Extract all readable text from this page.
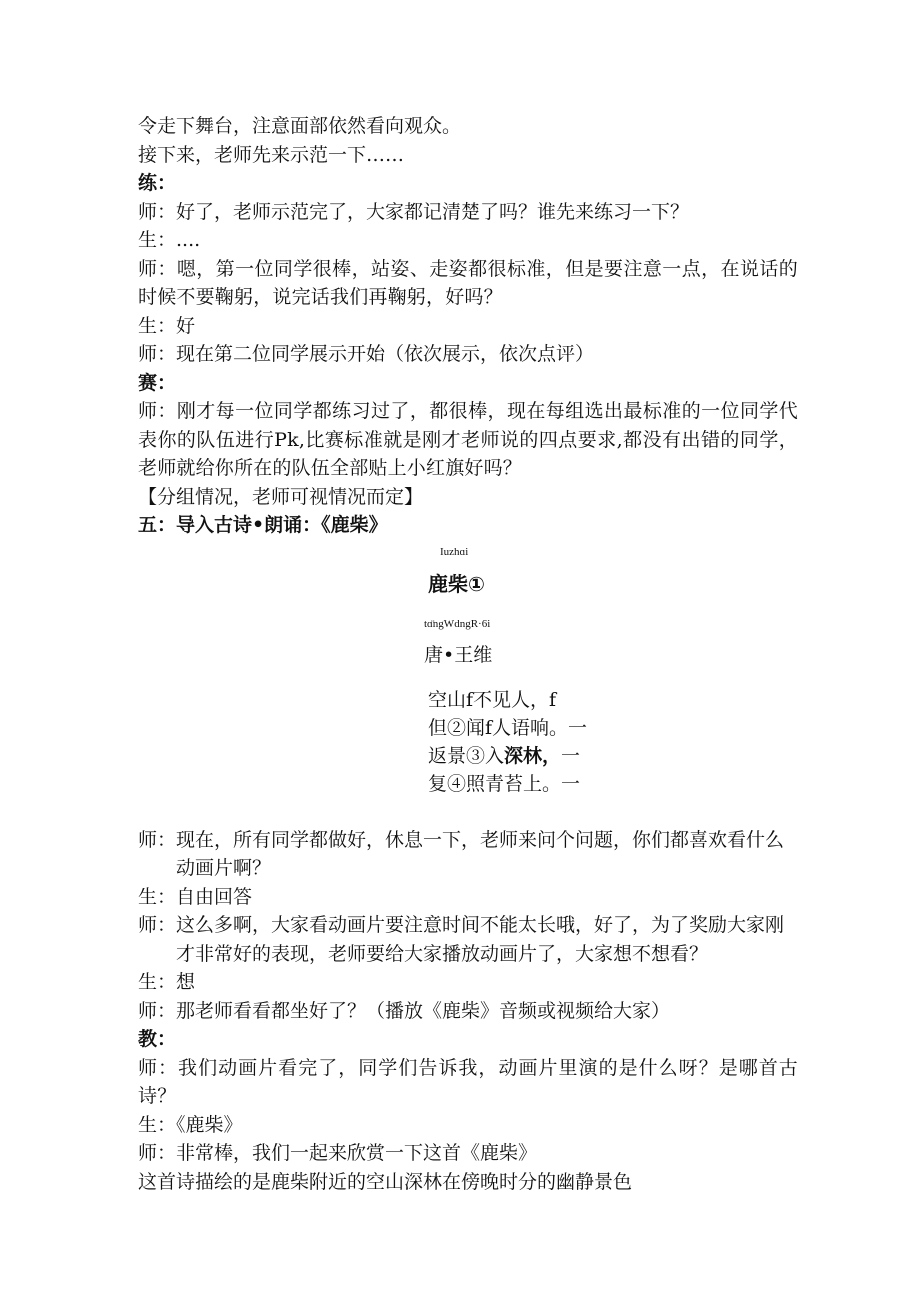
令走下舞台，注意面部依然看向观众。
接下来，老师先来示范一下……
练：
师：好了，老师示范完了，大家都记清楚了吗？谁先来练习一下？
生：....
师：嗯，第一位同学很棒，站姿、走姿都很标准，但是要注意一点，在说话的时候不要鞠躬，说完话我们再鞠躬，好吗？
生：好
师：现在第二位同学展示开始（依次展示，依次点评）
赛：
师：刚才每一位同学都练习过了，都很棒，现在每组选出最标准的一位同学代表你的队伍进行Pk,比赛标准就是刚才老师说的四点要求,都没有出错的同学，老师就给你所在的队伍全部贴上小红旗好吗？
【分组情况，老师可视情况而定】
五：导入古诗•朗诵：《鹿柴》
Iuzhɑi
鹿柴①
tɑ̈ngWdngR·6i
唐•王维
空山f不见人，f
但②闻f人语响。一
返景③入深林，一
复④照青苔上。一
师：现在，所有同学都做好，休息一下，老师来问个问题，你们都喜欢看什么动画片啊？
生：自由回答
师：这么多啊，大家看动画片要注意时间不能太长哦，好了，为了奖励大家刚才非常好的表现，老师要给大家播放动画片了，大家想不想看？
生：想
师：那老师看看都坐好了？（播放《鹿柴》音频或视频给大家）
教：
师：我们动画片看完了，同学们告诉我，动画片里演的是什么呀？是哪首古诗？
生：《鹿柴》
师：非常棒，我们一起来欣赏一下这首《鹿柴》
这首诗描绘的是鹿柴附近的空山深林在傍晚时分的幽静景色
